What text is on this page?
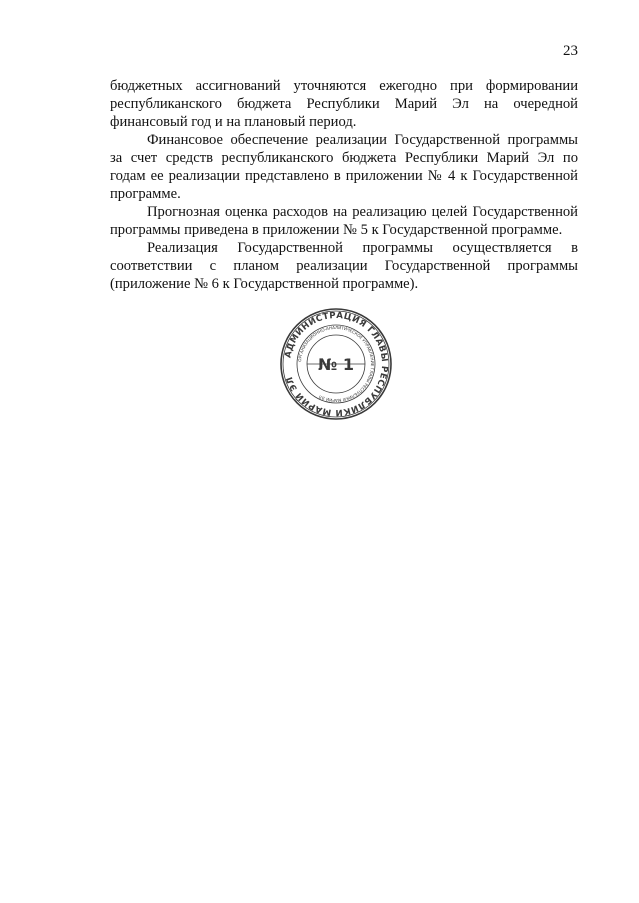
23

бюджетных ассигнований уточняются ежегодно при формировании республиканского бюджета Республики Марий Эл на очередной финансовый год и на плановый период.

Финансовое обеспечение реализации Государственной программы за счет средств республиканского бюджета Республики Марий Эл по годам ее реализации представлено в приложении № 4 к Государственной программе.

Прогнозная оценка расходов на реализацию целей Государственной программы приведена в приложении № 5 к Государственной программе.

Реализация Государственной программы осуществляется в соответствии с планом реализации Государственной программы (приложение № 6 к Государственной программе).

АДМИНИСТРАЦИЯ ГЛАВЫ РЕСПУБЛИКИ МАРИЙ ЭЛ
ОРГАНИЗАЦИОННО-АНАЛИТИЧЕСКОЕ УПРАВЛЕНИЕ ГЛАВЫ РЕСПУБЛИКИ МАРИЙ ЭЛ
№ 1
